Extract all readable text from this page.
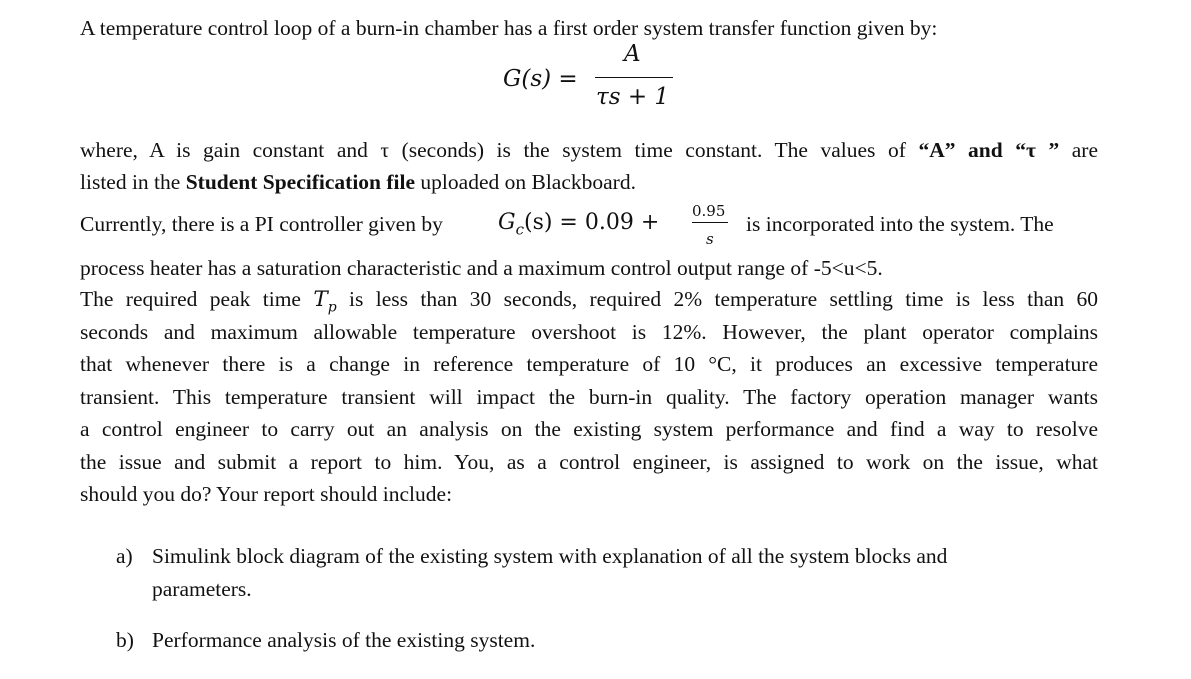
A temperature control loop of a burn-in chamber has a first order system transfer function given by:
G(s) =
A
τs + 1
where, A is gain constant and τ (seconds) is the system time constant. The values of “A” and “τ ” are
listed in the Student Specification file uploaded on Blackboard.
Currently, there is a PI controller given by	$G_c(s) = 0.09 + 0.95$
s
is incorporated into the system. The
process heater has a saturation characteristic and a maximum control output range of -5<u<5.
The required peak time $T_p$ is less than 30 seconds, required 2% temperature settling time is less than 60
seconds and maximum allowable temperature overshoot is 12%. However, the plant operator complains
that whenever there is a change in reference temperature of 10 °C, it produces an excessive temperature
transient. This temperature transient will impact the burn-in quality. The factory operation manager wants
a control engineer to carry out an analysis on the existing system performance and find a way to resolve
the issue and submit a report to him. You, as a control engineer, is assigned to work on the issue, what
should you do? Your report should include:
a) Simulink block diagram of the existing system with explanation of all the system blocks and
parameters.
b) Performance analysis of the existing system.
